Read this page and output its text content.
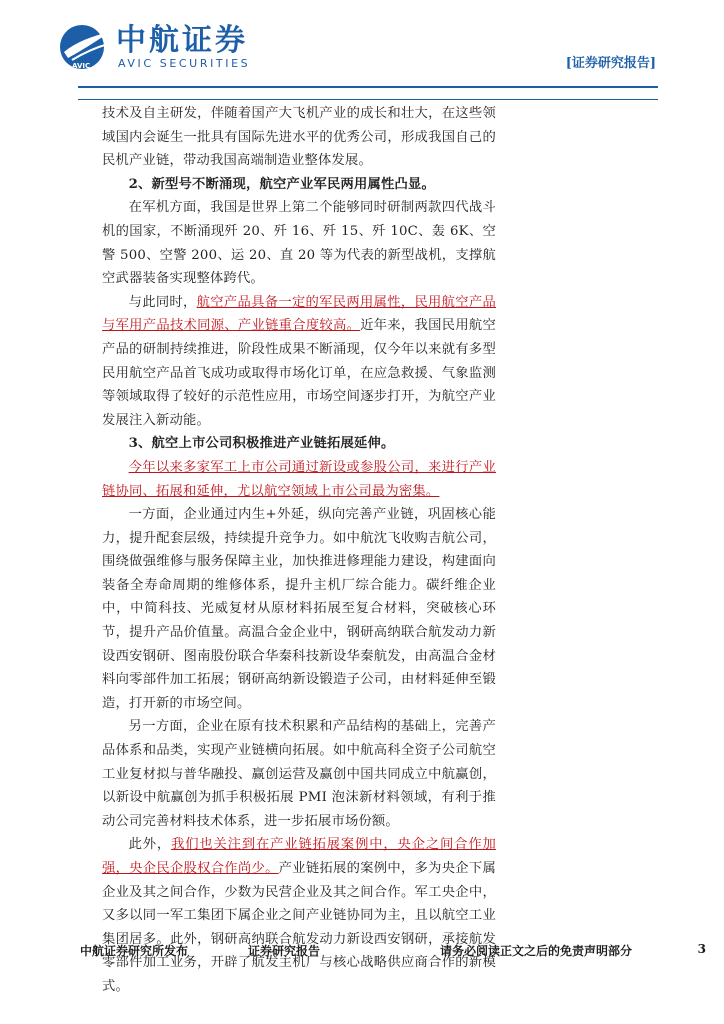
AVIC
中航证券
AVIC SECURITIES	[证券研究报告]

技术及自主研发，伴随着国产大飞机产业的成长和壮大，在这些领域国内会诞生一批具有国际先进水平的优秀公司，形成我国自己的民机产业链，带动我国高端制造业整体发展。

2、新型号不断涌现，航空产业军民两用属性凸显。

在军机方面，我国是世界上第二个能够同时研制两款四代战斗机的国家，不断涌现歼 20、歼 16、歼 15、歼 10C、轰 6K、空警 500、空警 200、运 20、直 20 等为代表的新型战机，支撑航空武器装备实现整体跨代。

与此同时，航空产品具备一定的军民两用属性，民用航空产品与军用产品技术同源、产业链重合度较高。近年来，我国民用航空产品的研制持续推进，阶段性成果不断涌现，仅今年以来就有多型民用航空产品首飞成功或取得市场化订单，在应急救援、气象监测等领域取得了较好的示范性应用，市场空间逐步打开，为航空产业发展注入新动能。

3、航空上市公司积极推进产业链拓展延伸。

今年以来多家军工上市公司通过新设或参股公司，来进行产业链协同、拓展和延伸，尤以航空领域上市公司最为密集。

一方面，企业通过内生+外延，纵向完善产业链，巩固核心能力，提升配套层级，持续提升竞争力。如中航沈飞收购吉航公司，围绕做强维修与服务保障主业，加快推进修理能力建设，构建面向装备全寿命周期的维修体系，提升主机厂综合能力。碳纤维企业中，中简科技、光威复材从原材料拓展至复合材料，突破核心环节，提升产品价值量。高温合金企业中，钢研高纳联合航发动力新设西安钢研、图南股份联合华秦科技新设华秦航发，由高温合金材料向零部件加工拓展；钢研高纳新设锻造子公司，由材料延伸至锻造，打开新的市场空间。

另一方面，企业在原有技术积累和产品结构的基础上，完善产品体系和品类，实现产业链横向拓展。如中航高科全资子公司航空工业复材拟与普华融投、赢创运营及赢创中国共同成立中航赢创，以新设中航赢创为抓手积极拓展 PMI 泡沫新材料领域，有利于推动公司完善材料技术体系，进一步拓展市场份额。

此外，我们也关注到在产业链拓展案例中，央企之间合作加强，央企民企股权合作尚少。产业链拓展的案例中，多为央企下属企业及其之间合作，少数为民营企业及其之间合作。军工央企中，又多以同一军工集团下属企业之间产业链协同为主，且以航空工业集团居多。此外，钢研高纳联合航发动力新设西安钢研，承接航发零部件加工业务，开辟了航发主机厂与核心战略供应商合作的新模式。

中航证券研究所发布	证券研究报告	请务必阅读正文之后的免责声明部分	3
